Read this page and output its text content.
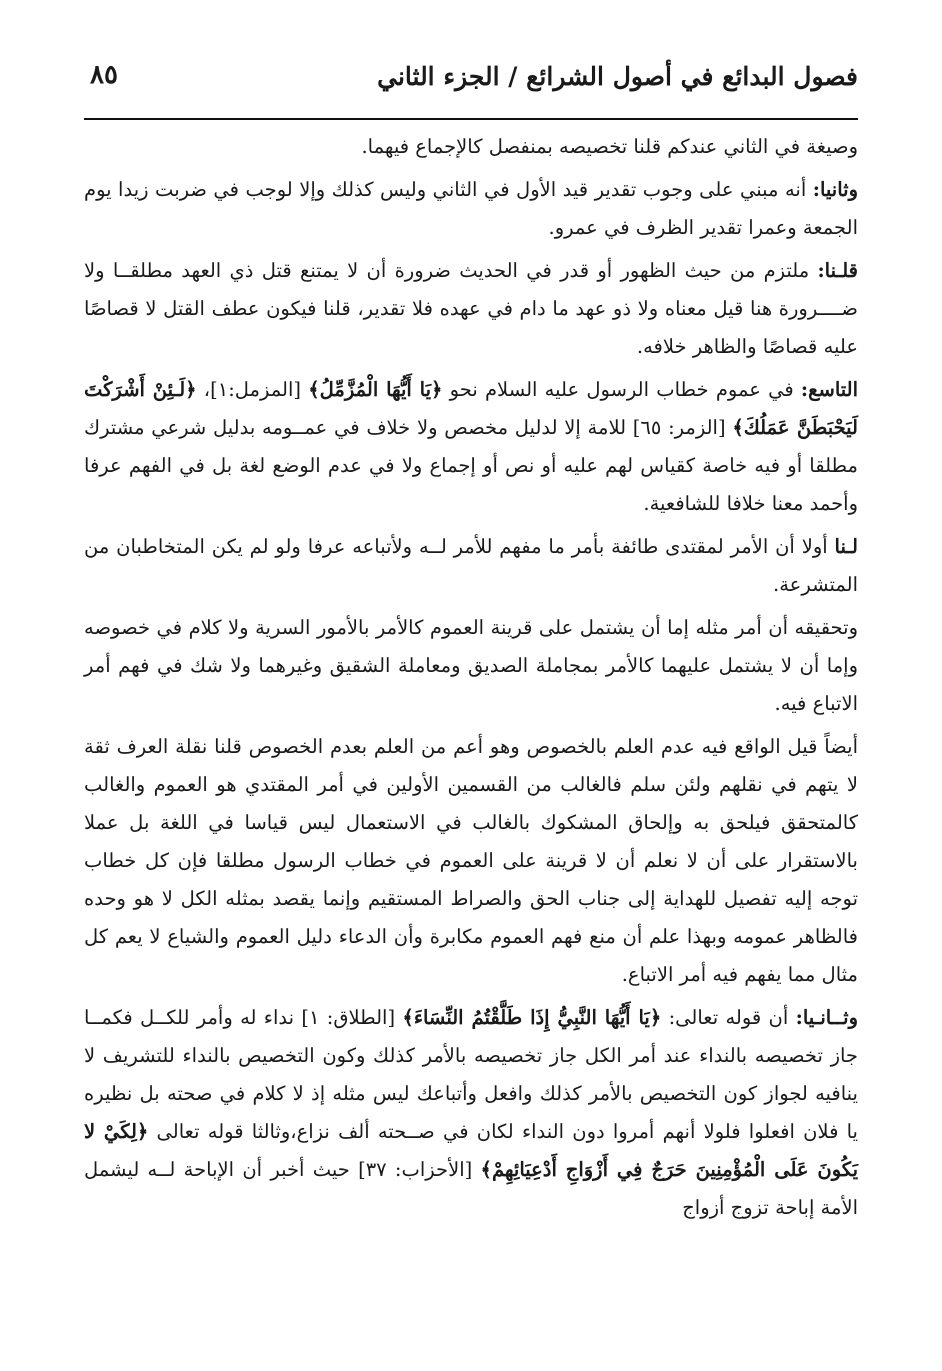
فصول البدائع في أصول الشرائع / الجزء الثاني
٨٥

وصيغة في الثاني عندكم قلنا تخصيصه بمنفصل كالإجماع فيهما.

وثانيا: أنه مبني على وجوب تقدير قيد الأول في الثاني وليس كذلك وإلا لوجب في ضربت زيدا يوم الجمعة وعمرا تقدير الظرف في عمرو.

قلـنا: ملتزم من حيث الظهور أو قدر في الحديث ضرورة أن لا يمتنع قتل ذي العهد مطلقــا ولا ضــــرورة هنا قيل معناه ولا ذو عهد ما دام في عهده فلا تقدير، قلنا فيكون عطف القتل لا قصاصًا عليه قصاصًا والظاهر خلافه.

التاسع: في عموم خطاب الرسول عليه السلام نحو ﴿يَا أَيُّهَا الْمُزَّمِّلُ﴾ [المزمل:١]، ﴿لَـئِنْ أَشْرَكْتَ لَيَحْبَطَنَّ عَمَلُكَ﴾ [الزمر: ٦٥] للامة إلا لدليل مخصص ولا خلاف في عمــومه بدليل شرعي مشترك مطلقا أو فيه خاصة كقياس لهم عليه أو نص أو إجماع ولا في عدم الوضع لغة بل في الفهم عرفا وأحمد معنا خلافا للشافعية.

لـنا أولا أن الأمر لمقتدى طائفة بأمر ما مفهم للأمر لــه ولأتباعه عرفا ولو لم يكن المتخاطبان من المتشرعة.

وتحقيقه أن أمر مثله إما أن يشتمل على قرينة العموم كالأمر بالأمور السرية ولا كلام في خصوصه وإما أن لا يشتمل عليهما كالأمر بمجاملة الصديق ومعاملة الشقيق وغيرهما ولا شك في فهم أمر الاتباع فيه.

أيضاً قيل الواقع فيه عدم العلم بالخصوص وهو أعم من العلم بعدم الخصوص قلنا نقلة العرف ثقة لا يتهم في نقلهم ولئن سلم فالغالب من القسمين الأولين في أمر المقتدي هو العموم والغالب كالمتحقق فيلحق به وإلحاق المشكوك بالغالب في الاستعمال ليس قياسا في اللغة بل عملا بالاستقرار على أن لا نعلم أن لا قرينة على العموم في خطاب الرسول مطلقا فإن كل خطاب توجه إليه تفصيل للهداية إلى جناب الحق والصراط المستقيم وإنما يقصد بمثله الكل لا هو وحده فالظاهر عمومه وبهذا علم أن منع فهم العموم مكابرة وأن الدعاء دليل العموم والشياع لا يعم كل مثال مما يفهم فيه أمر الاتباع.

وثــانـيا: أن قوله تعالى: ﴿يَا أَيُّهَا النَّبِيُّ إِذَا طَلَّقْتُمُ النِّسَاءَ﴾ [الطلاق: ١] نداء له وأمر للكــل فكمــا جاز تخصيصه بالنداء عند أمر الكل جاز تخصيصه بالأمر كذلك وكون التخصيص بالنداء للتشريف لا ينافيه لجواز كون التخصيص بالأمر كذلك وافعل وأتباعك ليس مثله إذ لا كلام في صحته بل نظيره يا فلان افعلوا فلولا أنهم أمروا دون النداء لكان في صــحته ألف نزاع،وثالثا قوله تعالى ﴿لِكَيْ لا يَكُونَ عَلَى الْمُؤْمِنِينَ حَرَجٌ فِي أَزْوَاجِ أَدْعِيَائِهِمْ﴾ [الأحزاب: ٣٧] حيث أخبر أن الإباحة لــه ليشمل الأمة إباحة تزوج أزواج
